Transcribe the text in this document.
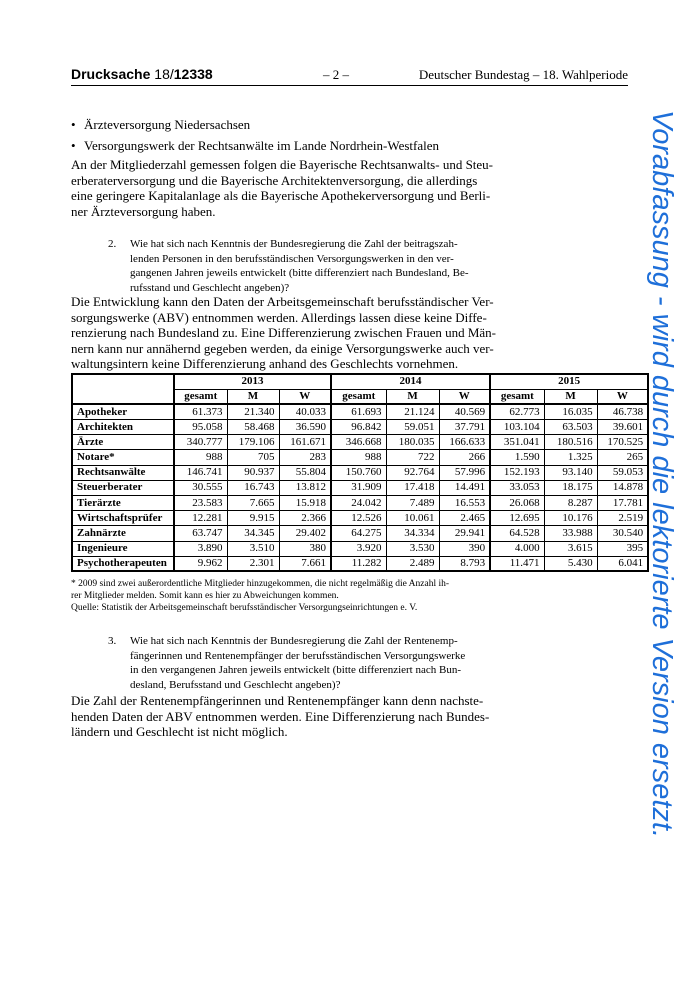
Drucksache 18/12338	– 2 –	Deutscher Bundestag – 18. Wahlperiode
• Ärzteversorgung Niedersachsen
• Versorgungswerk der Rechtsanwälte im Lande Nordrhein-Westfalen
An der Mitgliederzahl gemessen folgen die Bayerische Rechtsanwalts- und Steu-
erberaterversorgung und die Bayerische Architektenversorgung, die allerdings
eine geringere Kapitalanlage als die Bayerische Apothekerversorgung und Berli-
ner Ärzteversorgung haben.
2. Wie hat sich nach Kenntnis der Bundesregierung die Zahl der beitragszah-
lenden Personen in den berufsständischen Versorgungswerken in den ver-
gangenen Jahren jeweils entwickelt (bitte differenziert nach Bundesland, Be-
rufsstand und Geschlecht angeben)?
Die Entwicklung kann den Daten der Arbeitsgemeinschaft berufsständischer Ver-
sorgungswerke (ABV) entnommen werden. Allerdings lassen diese keine Diffe-
renzierung nach Bundesland zu. Eine Differenzierung zwischen Frauen und Män-
nern kann nur annähernd gegeben werden, da einige Versorgungswerke auch ver-
waltungsintern keine Differenzierung anhand des Geschlechts vornehmen.
	2013			2014			2015		
	gesamt	M	W	gesamt	M	W	gesamt	M	W
Apotheker	61.373	21.340	40.033	61.693	21.124	40.569	62.773	16.035	46.738
Architekten	95.058	58.468	36.590	96.842	59.051	37.791	103.104	63.503	39.601
Ärzte	340.777	179.106	161.671	346.668	180.035	166.633	351.041	180.516	170.525
Notare*	988	705	283	988	722	266	1.590	1.325	265
Rechtsanwälte	146.741	90.937	55.804	150.760	92.764	57.996	152.193	93.140	59.053
Steuerberater	30.555	16.743	13.812	31.909	17.418	14.491	33.053	18.175	14.878
Tierärzte	23.583	7.665	15.918	24.042	7.489	16.553	26.068	8.287	17.781
Wirtschaftsprüfer	12.281	9.915	2.366	12.526	10.061	2.465	12.695	10.176	2.519
Zahnärzte	63.747	34.345	29.402	64.275	34.334	29.941	64.528	33.988	30.540
Ingenieure	3.890	3.510	380	3.920	3.530	390	4.000	3.615	395
Psychotherapeuten	9.962	2.301	7.661	11.282	2.489	8.793	11.471	5.430	6.041
* 2009 sind zwei außerordentliche Mitglieder hinzugekommen, die nicht regelmäßig die Anzahl ih-
rer Mitglieder melden. Somit kann es hier zu Abweichungen kommen.
Quelle: Statistik der Arbeitsgemeinschaft berufsständischer Versorgungseinrichtungen e. V.
3. Wie hat sich nach Kenntnis der Bundesregierung die Zahl der Rentenemp-
fängerinnen und Rentenempfänger der berufsständischen Versorgungswerke
in den vergangenen Jahren jeweils entwickelt (bitte differenziert nach Bun-
desland, Berufsstand und Geschlecht angeben)?
Die Zahl der Rentenempfängerinnen und Rentenempfänger kann denn nachste-
henden Daten der ABV entnommen werden. Eine Differenzierung nach Bundes-
ländern und Geschlecht ist nicht möglich.	Vorabfassung - wird durch die lektorierte Version ersetzt.
